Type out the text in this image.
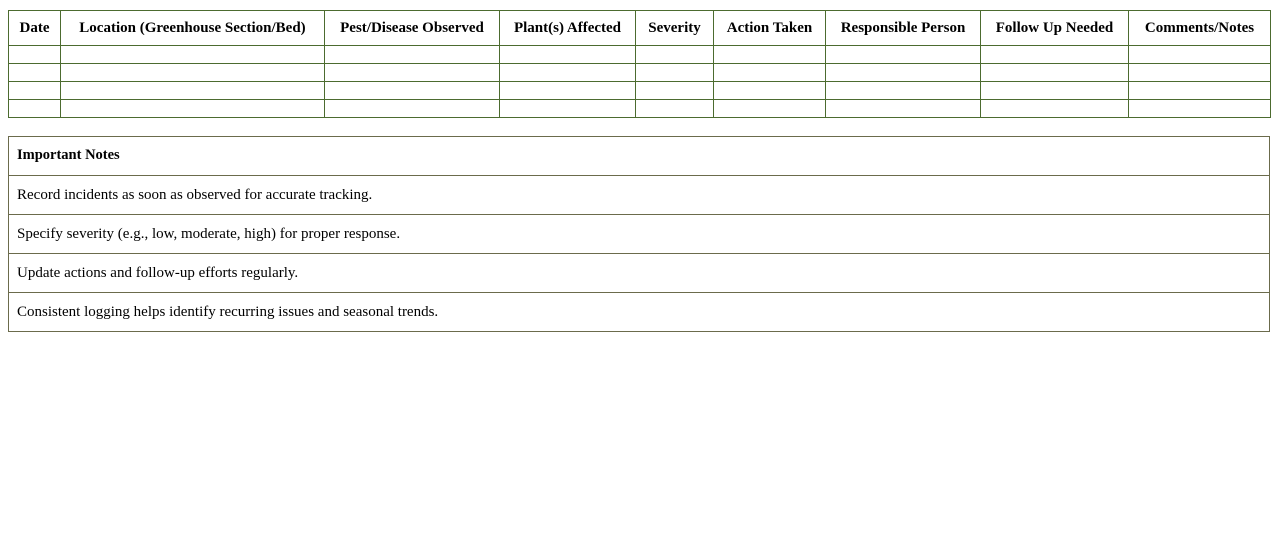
Date	Location (Greenhouse Section/Bed)	Pest/Disease Observed	Plant(s) Affected	Severity	Action Taken	Responsible Person	Follow Up Needed	Comments/Notes

Important Notes
Record incidents as soon as observed for accurate tracking.
Specify severity (e.g., low, moderate, high) for proper response.
Update actions and follow-up efforts regularly.
Consistent logging helps identify recurring issues and seasonal trends.
